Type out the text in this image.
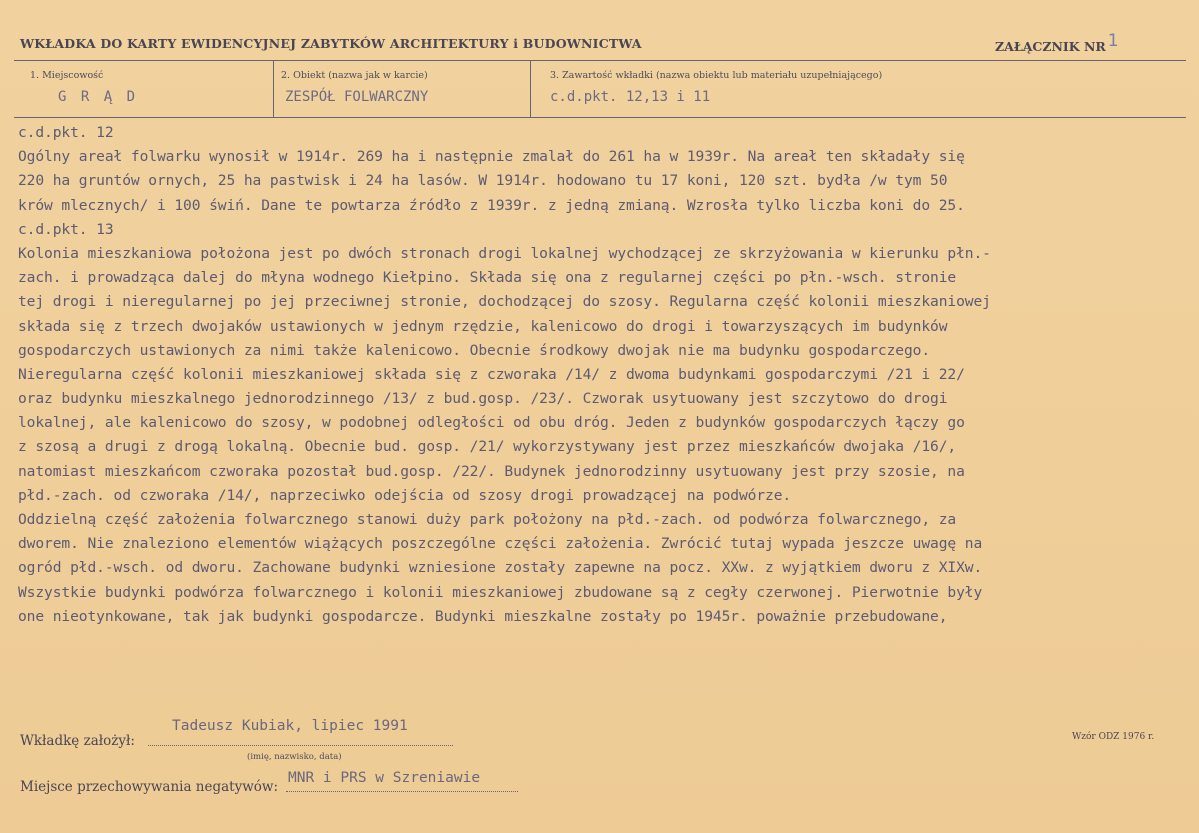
WKŁADKA DO KARTY EWIDENCYJNEJ ZABYTKÓW ARCHITEKTURY i BUDOWNICTWA	ZAŁĄCZNIK NR 1
1. Miejscowość
G R Ą D
2. Obiekt (nazwa jak w karcie)
ZESPÓŁ FOLWARCZNY
3. Zawartość wkładki (nazwa obiektu lub materiału uzupełniającego)
c.d.pkt. 12,13 i 11
c.d.pkt. 12
Ogólny areał folwarku wynosił w 1914r. 269 ha i następnie zmalał do 261 ha w 1939r. Na areał ten składały się
220 ha gruntów ornych, 25 ha pastwisk i 24 ha lasów. W 1914r. hodowano tu 17 koni, 120 szt. bydła /w tym 50
krów mlecznych/ i 100 świń. Dane te powtarza źródło z 1939r. z jedną zmianą. Wzrosła tylko liczba koni do 25.
c.d.pkt. 13
Kolonia mieszkaniowa położona jest po dwóch stronach drogi lokalnej wychodzącej ze skrzyżowania w kierunku płn.-
zach. i prowadząca dalej do młyna wodnego Kiełpino. Składa się ona z regularnej części po płn.-wsch. stronie
tej drogi i nieregularnej po jej przeciwnej stronie, dochodzącej do szosy. Regularna część kolonii mieszkaniowej
składa się z trzech dwojaków ustawionych w jednym rzędzie, kalenicowo do drogi i towarzyszących im budynków
gospodarczych ustawionych za nimi także kalenicowo. Obecnie środkowy dwojak nie ma budynku gospodarczego.
Nieregularna część kolonii mieszkaniowej składa się z czworaka /14/ z dwoma budynkami gospodarczymi /21 i 22/
oraz budynku mieszkalnego jednorodzinnego /13/ z bud.gosp. /23/. Czworak usytuowany jest szczytowo do drogi
lokalnej, ale kalenicowo do szosy, w podobnej odległości od obu dróg. Jeden z budynków gospodarczych łączy go
z szosą a drugi z drogą lokalną. Obecnie bud. gosp. /21/ wykorzystywany jest przez mieszkańców dwojaka /16/,
natomiast mieszkańcom czworaka pozostał bud.gosp. /22/. Budynek jednorodzinny usytuowany jest przy szosie, na
płd.-zach. od czworaka /14/, naprzeciwko odejścia od szosy drogi prowadzącej na podwórze.
Oddzielną część założenia folwarcznego stanowi duży park położony na płd.-zach. od podwórza folwarcznego, za
dworem. Nie znaleziono elementów wiążących poszczególne części założenia. Zwrócić tutaj wypada jeszcze uwagę na
ogród płd.-wsch. od dworu. Zachowane budynki wzniesione zostały zapewne na pocz. XXw. z wyjątkiem dworu z XIXw.
Wszystkie budynki podwórza folwarcznego i kolonii mieszkaniowej zbudowane są z cegły czerwonej. Pierwotnie były
one nieotynkowane, tak jak budynki gospodarcze. Budynki mieszkalne zostały po 1945r. poważnie przebudowane,
Wkładkę założył:
Tadeusz Kubiak, lipiec 1991
(imię, nazwisko, data)
Miejsce przechowywania negatywów:
MNR i PRS w Szreniawie
Wzór ODZ 1976 r.
